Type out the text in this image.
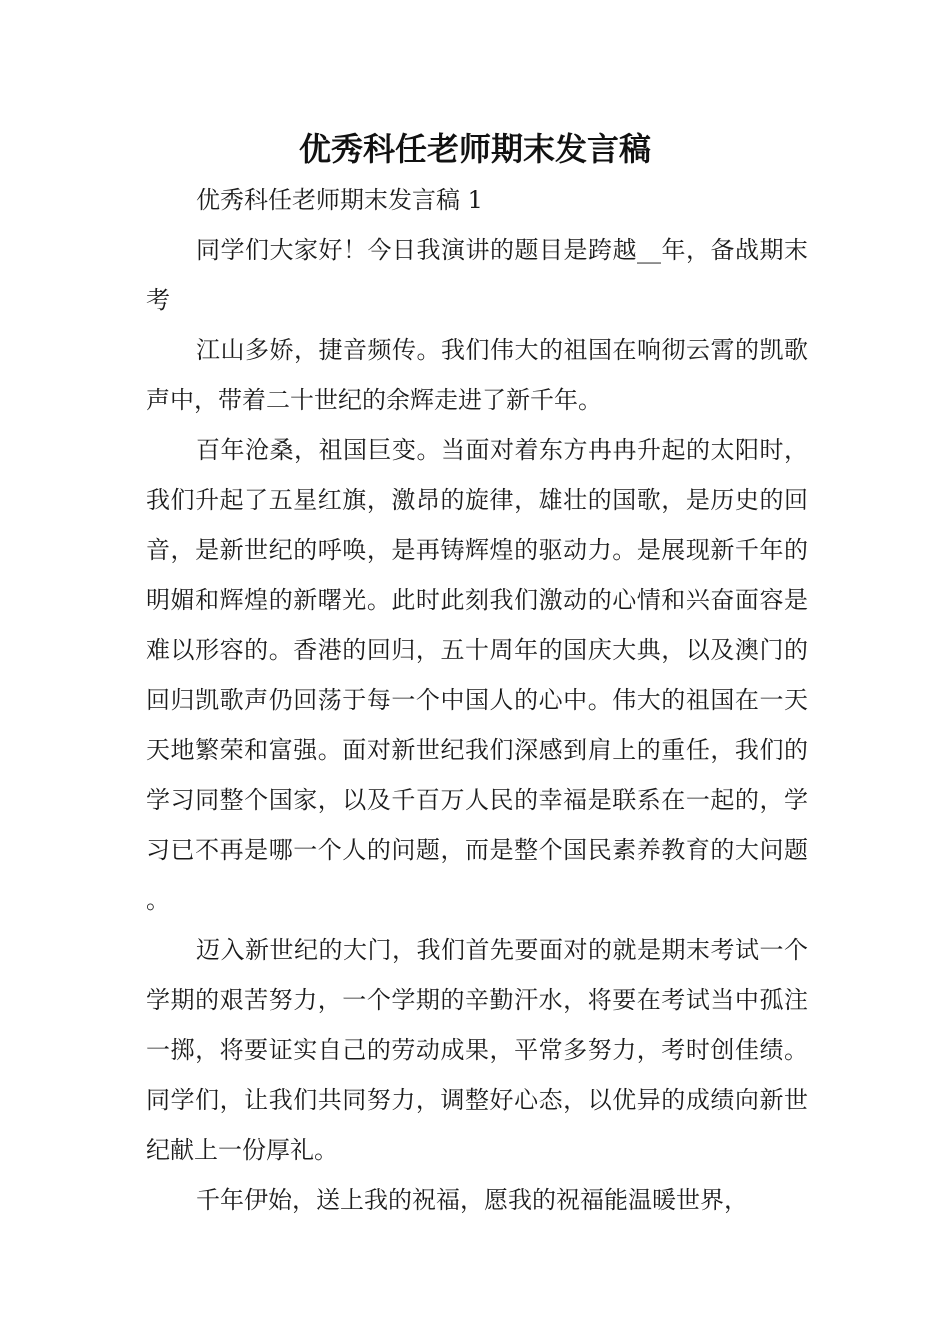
优秀科任老师期末发言稿

优秀科任老师期末发言稿 1

同学们大家好！今日我演讲的题目是跨越__年，备战期末考

江山多娇，捷音频传。我们伟大的祖国在响彻云霄的凯歌声中，带着二十世纪的余辉走进了新千年。

百年沧桑，祖国巨变。当面对着东方冉冉升起的太阳时，我们升起了五星红旗，激昂的旋律，雄壮的国歌，是历史的回音，是新世纪的呼唤，是再铸辉煌的驱动力。是展现新千年的明媚和辉煌的新曙光。此时此刻我们激动的心情和兴奋面容是难以形容的。香港的回归，五十周年的国庆大典，以及澳门的回归凯歌声仍回荡于每一个中国人的心中。伟大的祖国在一天天地繁荣和富强。面对新世纪我们深感到肩上的重任，我们的学习同整个国家，以及千百万人民的幸福是联系在一起的，学习已不再是哪一个人的问题，而是整个国民素养教育的大问题。

迈入新世纪的大门，我们首先要面对的就是期末考试一个学期的艰苦努力，一个学期的辛勤汗水，将要在考试当中孤注一掷，将要证实自己的劳动成果，平常多努力，考时创佳绩。同学们，让我们共同努力，调整好心态，以优异的成绩向新世纪献上一份厚礼。

千年伊始，送上我的祝福，愿我的祝福能温暖世界，
